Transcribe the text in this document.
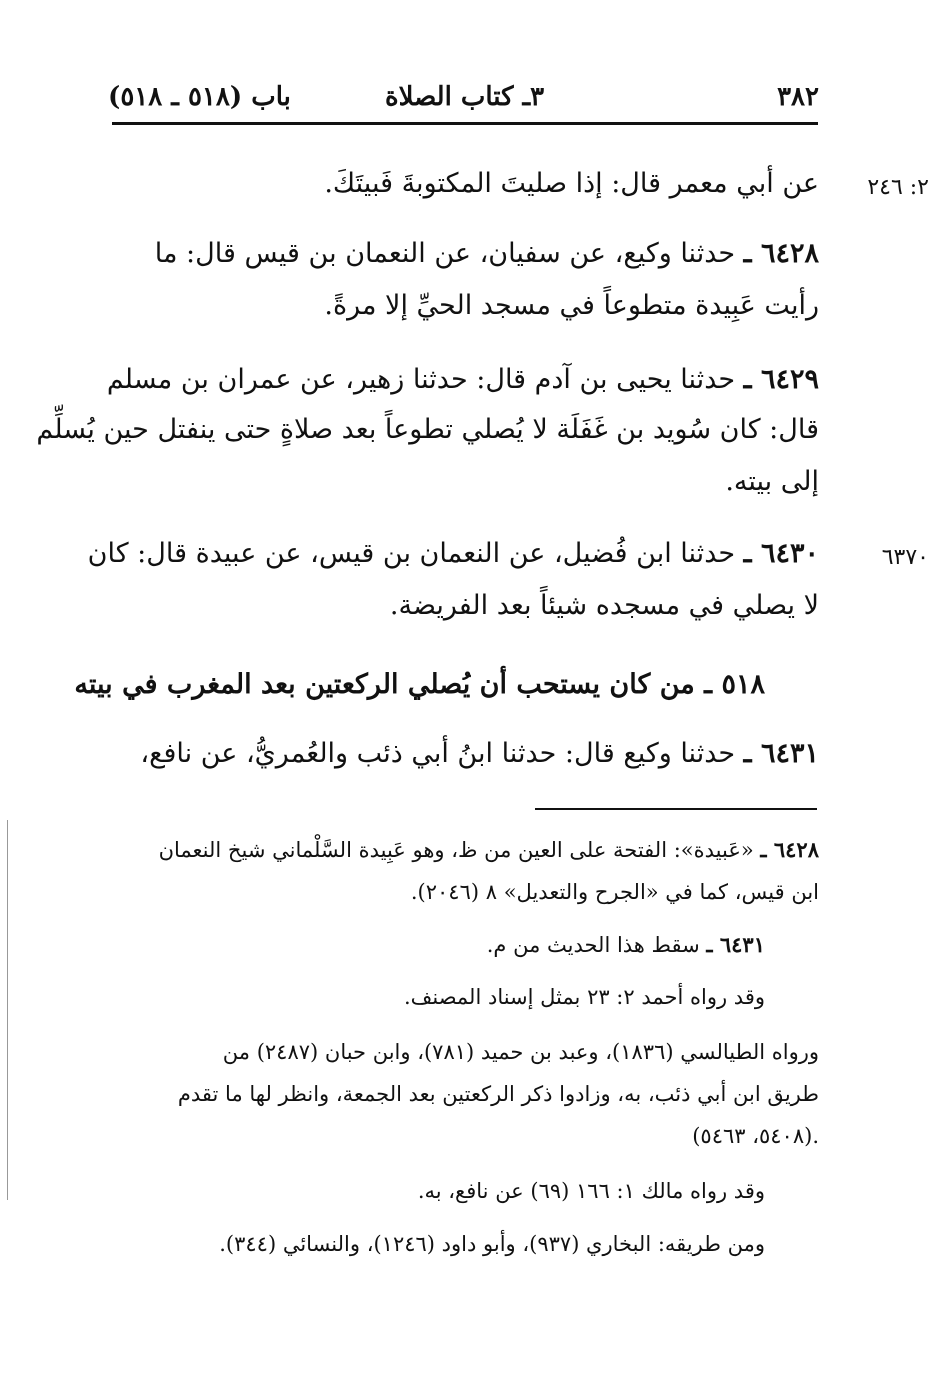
٣٨٢
٣ـ كتاب الصلاة
باب (٥١٨ ـ ٥١٨)
٢: ٢٤٦
عن أبي معمر قال: إذا صليتَ المكتوبةَ فَبيتَكَ.
٦٤٢٨ ـ حدثنا وكيع، عن سفيان، عن النعمان بن قيس قال: ما
رأيت عَبِيدة متطوعاً في مسجد الحيِّ إلا مرةً.
٦٤٢٩ ـ حدثنا يحيى بن آدم قال: حدثنا زهير، عن عمران بن مسلم
قال: كان سُويد بن غَفَلَة لا يُصلي تطوعاً بعد صلاةٍ حتى ينفتل حين يُسلِّم
إلى بيته.
٦٣٧٠
٦٤٣٠ ـ حدثنا ابن فُضيل، عن النعمان بن قيس، عن عبيدة قال: كان
لا يصلي في مسجده شيئاً بعد الفريضة.
٥١٨ ـ من كان يستحب أن يُصلي الركعتين بعد المغرب في بيته
٦٤٣١ ـ حدثنا وكيع قال: حدثنا ابنُ أبي ذئب والعُمريُّ، عن نافع،
٦٤٢٨ ـ «عَبيدة»: الفتحة على العين من ظ، وهو عَبِيدة السَّلْماني شيخ النعمان
ابن قيس، كما في «الجرح والتعديل» ٨ (٢٠٤٦).
٦٤٣١ ـ سقط هذا الحديث من م.
وقد رواه أحمد ٢: ٢٣ بمثل إسناد المصنف.
ورواه الطيالسي (١٨٣٦)، وعبد بن حميد (٧٨١)، وابن حبان (٢٤٨٧) من
طريق ابن أبي ذئب، به، وزادوا ذكر الركعتين بعد الجمعة، وانظر لها ما تقدم
(٥٤٠٨، ٥٤٦٣).
وقد رواه مالك ١: ١٦٦ (٦٩) عن نافع، به.
ومن طريقه: البخاري (٩٣٧)، وأبو داود (١٢٤٦)، والنسائي (٣٤٤).
